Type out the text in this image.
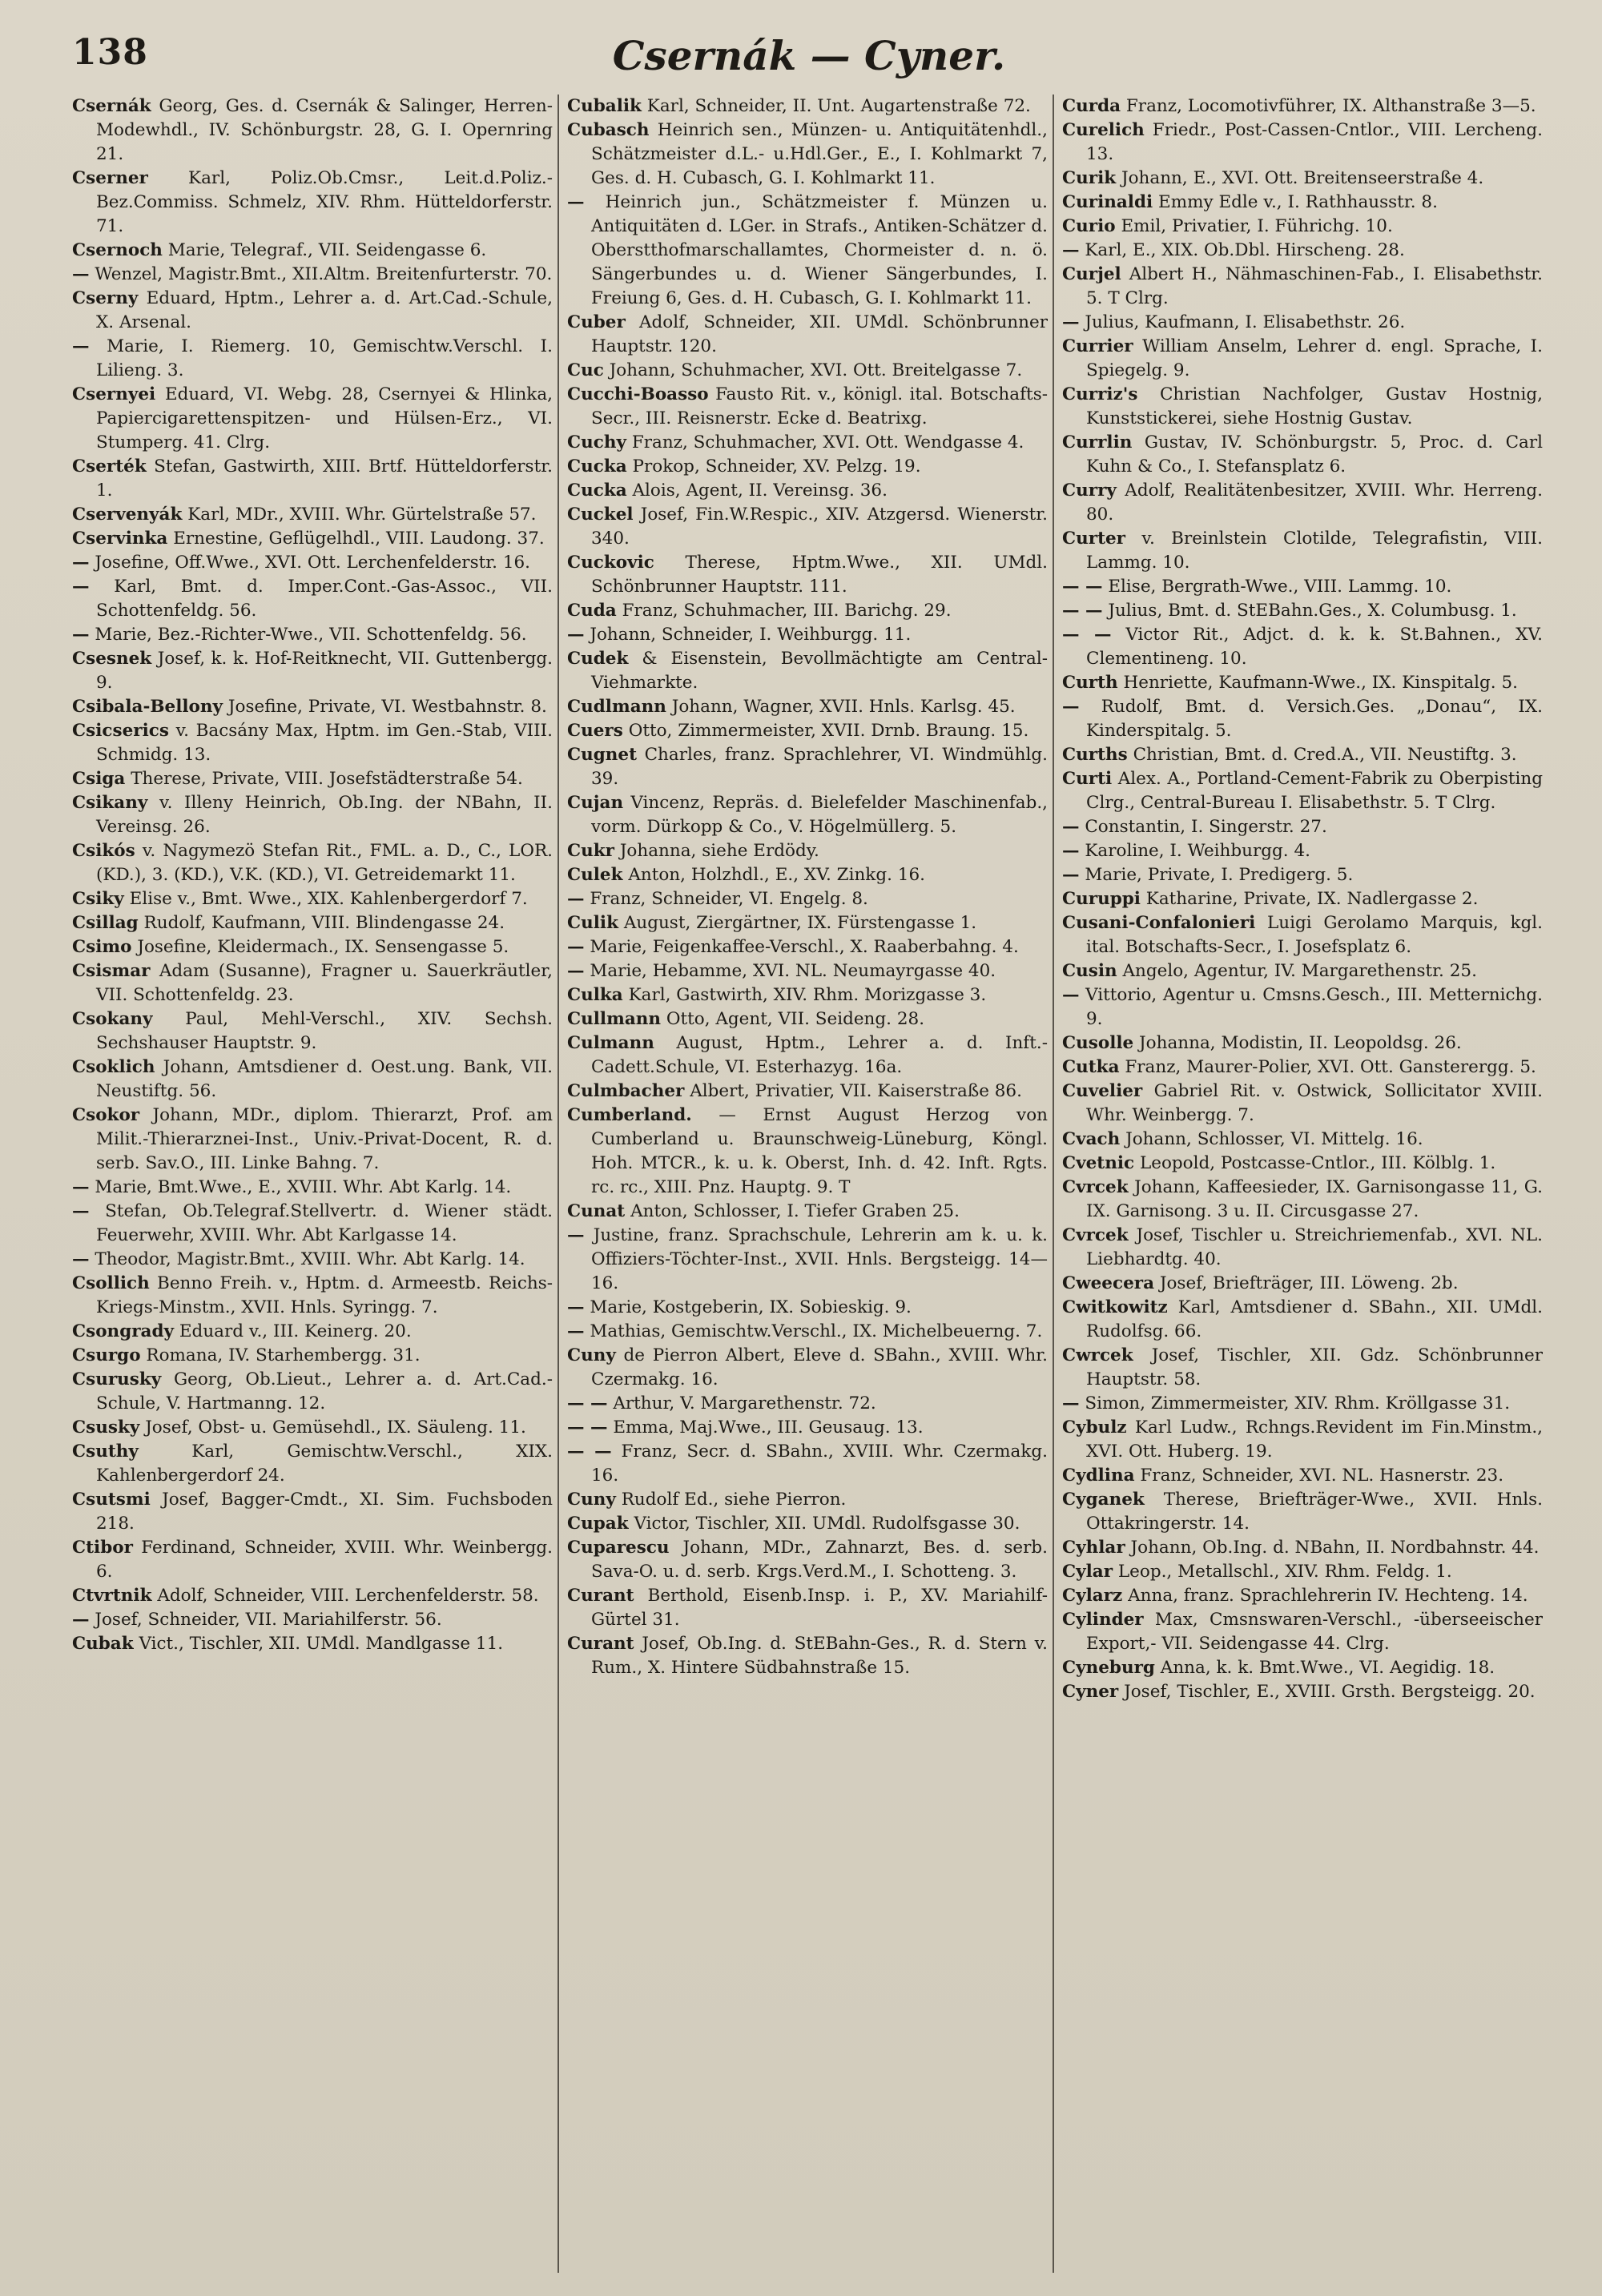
138	Csernák — Cyner.

Csernák Georg, Ges. d. Csernák & Salinger, Herren-Modewhdl., IV. Schönburgstr. 28, G. I. Opernring 21.

Cserner Karl, Poliz.Ob.Cmsr., Leit.d.Poliz.-Bez.Commiss. Schmelz, XIV. Rhm. Hütteldorferstr. 71.

Csernoch Marie, Telegraf., VII. Seidengasse 6.

— Wenzel, Magistr.Bmt., XII.Altm. Breitenfurterstr. 70.

Cserny Eduard, Hptm., Lehrer a. d. Art.Cad.-Schule, X. Arsenal.

— Marie, I. Riemerg. 10, Gemischtw.Verschl. I. Lilieng. 3.

Csernyei Eduard, VI. Webg. 28, Csernyei & Hlinka, Papiercigarettenspitzen- und Hülsen-Erz., VI. Stumperg. 41. Clrg.

Cserték Stefan, Gastwirth, XIII. Brtf. Hütteldorferstr. 1.

Cservenyák Karl, MDr., XVIII. Whr. Gürtelstraße 57.

Cservinka Ernestine, Geflügelhdl., VIII. Laudong. 37.

— Josefine, Off.Wwe., XVI. Ott. Lerchenfelderstr. 16.

— Karl, Bmt. d. Imper.Cont.-Gas-Assoc., VII. Schottenfeldg. 56.

— Marie, Bez.-Richter-Wwe., VII. Schottenfeldg. 56.

Csesnek Josef, k. k. Hof-Reitknecht, VII. Guttenbergg. 9.

Csibala-Bellony Josefine, Private, VI. Westbahnstr. 8.

Csicserics v. Bacsány Max, Hptm. im Gen.-Stab, VIII. Schmidg. 13.

Csiga Therese, Private, VIII. Josefstädterstraße 54.

Csikany v. Illeny Heinrich, Ob.Ing. der NBahn, II. Vereinsg. 26.

Csikós v. Nagymezö Stefan Rit., FML. a. D., C., LOR. (KD.), 3. (KD.), V.K. (KD.), VI. Getreidemarkt 11.

Csiky Elise v., Bmt. Wwe., XIX. Kahlenbergerdorf 7.

Csillag Rudolf, Kaufmann, VIII. Blindengasse 24.

Csimo Josefine, Kleidermach., IX. Sensengasse 5.

Csismar Adam (Susanne), Fragner u. Sauerkräutler, VII. Schottenfeldg. 23.

Csokany Paul, Mehl-Verschl., XIV. Sechsh. Sechshauser Hauptstr. 9.

Csoklich Johann, Amtsdiener d. Oest.ung. Bank, VII. Neustiftg. 56.

Csokor Johann, MDr., diplom. Thierarzt, Prof. am Milit.-Thierarznei-Inst., Univ.-Privat-Docent, R. d. serb. Sav.O., III. Linke Bahng. 7.

— Marie, Bmt.Wwe., E., XVIII. Whr. Abt Karlg. 14.

— Stefan, Ob.Telegraf.Stellvertr. d. Wiener städt. Feuerwehr, XVIII. Whr. Abt Karlgasse 14.

— Theodor, Magistr.Bmt., XVIII. Whr. Abt Karlg. 14.

Csollich Benno Freih. v., Hptm. d. Armeestb. Reichs-Kriegs-Minstm., XVII. Hnls. Syringg. 7.

Csongrady Eduard v., III. Keinerg. 20.

Csurgo Romana, IV. Starhembergg. 31.

Csurusky Georg, Ob.Lieut., Lehrer a. d. Art.Cad.-Schule, V. Hartmanng. 12.

Csusky Josef, Obst- u. Gemüsehdl., IX. Säuleng. 11.

Csuthy	Karl, Gemischtw.Verschl., XIX. Kahlenbergerdorf 24.

Csutsmi Josef, Bagger-Cmdt., XI. Sim. Fuchsboden 218.

Ctibor Ferdinand, Schneider, XVIII. Whr. Weinbergg. 6.

Ctvrtnik Adolf, Schneider, VIII. Lerchenfelderstr. 58.

— Josef, Schneider, VII. Mariahilferstr. 56.

Cubak Vict., Tischler, XII. UMdl. Mandlgasse 11.

Cubalik Karl, Schneider, II. Unt. Augartenstraße 72.

Cubasch Heinrich sen., Münzen- u. Antiquitätenhdl., Schätzmeister d.L.- u.Hdl.Ger., E., I. Kohlmarkt 7, Ges. d. H. Cubasch, G. I. Kohlmarkt 11.

— Heinrich jun., Schätzmeister f. Münzen u. Antiquitäten d. LGer. in Strafs., Antiken-Schätzer d. Oberstthofmarschallamtes, Chormeister d. n. ö. Sängerbundes u. d. Wiener Sängerbundes, I. Freiung 6, Ges. d. H. Cubasch, G. I. Kohlmarkt 11.

Cuber Adolf, Schneider, XII. UMdl. Schönbrunner Hauptstr. 120.

Cuc Johann, Schuhmacher, XVI. Ott. Breitelgasse 7.

Cucchi-Boasso Fausto Rit. v., königl. ital. Botschafts-Secr., III. Reisnerstr. Ecke d. Beatrixg.

Cuchy Franz, Schuhmacher, XVI. Ott. Wendgasse 4.

Cucka Prokop, Schneider, XV. Pelzg. 19.

Cucka Alois, Agent, II. Vereinsg. 36.

Cuckel Josef, Fin.W.Respic., XIV. Atzgersd. Wienerstr. 340.

Cuckovic Therese, Hptm.Wwe., XII. UMdl. Schönbrunner Hauptstr. 111.

Cuda Franz, Schuhmacher, III. Barichg. 29.

— Johann, Schneider, I. Weihburgg. 11.

Cudek & Eisenstein, Bevollmächtigte am Central-Viehmarkte.

Cudlmann Johann, Wagner, XVII. Hnls. Karlsg. 45.

Cuers Otto, Zimmermeister, XVII. Drnb. Braung. 15.

Cugnet Charles, franz. Sprachlehrer, VI. Windmühlg. 39.

Cujan Vincenz, Repräs. d. Bielefelder Maschinenfab., vorm. Dürkopp & Co., V. Högelmüllerg. 5.

Cukr Johanna, siehe Erdödy.

Culek Anton, Holzhdl., E., XV. Zinkg. 16.

— Franz, Schneider, VI. Engelg. 8.

Culik August, Ziergärtner, IX. Fürstengasse 1.

— Marie, Feigenkaffee-Verschl., X. Raaberbahng. 4.

— Marie, Hebamme, XVI. NL. Neumayrgasse 40.

Culka Karl, Gastwirth, XIV. Rhm. Morizgasse 3.

Cullmann Otto, Agent, VII. Seideng. 28.

Culmann August, Hptm., Lehrer a. d. Inft.-Cadett.Schule, VI. Esterhazyg. 16a.

Culmbacher Albert, Privatier, VII. Kaiserstraße 86.

Cumberland. — Ernst August Herzog von Cumberland u. Braunschweig-Lüneburg, Köngl. Hoh. MTCR., k. u. k. Oberst, Inh. d. 42. Inft. Rgts. rc. rc., XIII. Pnz. Hauptg. 9. T

Cunat Anton, Schlosser, I. Tiefer Graben 25.

— Justine, franz. Sprachschule, Lehrerin am k. u. k. Offiziers-Töchter-Inst., XVII. Hnls. Bergsteigg. 14—16.

— Marie, Kostgeberin, IX. Sobieskig. 9.

— Mathias, Gemischtw.Verschl., IX. Michelbeuerng. 7.

Cuny de Pierron Albert, Eleve d. SBahn., XVIII. Whr. Czermakg. 16.

— — Arthur, V. Margarethenstr. 72.

— — Emma, Maj.Wwe., III. Geusaug. 13.

— — Franz, Secr. d. SBahn., XVIII. Whr. Czermakg. 16.

Cuny Rudolf Ed., siehe Pierron.

Cupak Victor, Tischler, XII. UMdl. Rudolfsgasse 30.

Cuparescu Johann, MDr., Zahnarzt, Bes. d. serb. Sava-O. u. d. serb. Krgs.Verd.M., I. Schotteng. 3.

Curant Berthold, Eisenb.Insp. i. P., XV. Mariahilf-Gürtel 31.

Curant Josef, Ob.Ing. d. StEBahn-Ges., R. d. Stern v. Rum., X. Hintere Südbahnstraße 15.

Curda Franz, Locomotivführer, IX. Althanstraße 3—5.

Curelich Friedr., Post-Cassen-Cntlor., VIII. Lercheng. 13.

Curik Johann, E., XVI. Ott. Breitenseerstraße 4.

Curinaldi Emmy Edle v., I. Rathhausstr. 8.

Curio Emil, Privatier, I. Führichg. 10.

— Karl, E., XIX. Ob.Dbl. Hirscheng. 28.

Curjel Albert H., Nähmaschinen-Fab., I. Elisabethstr. 5. T Clrg.

— Julius, Kaufmann, I. Elisabethstr. 26.

Currier William Anselm, Lehrer d. engl. Sprache, I. Spiegelg. 9.

Curriz's Christian Nachfolger, Gustav Hostnig, Kunststickerei, siehe Hostnig Gustav.

Currlin Gustav, IV. Schönburgstr. 5, Proc. d. Carl Kuhn & Co., I. Stefansplatz 6.

Curry Adolf, Realitätenbesitzer, XVIII. Whr. Herreng. 80.

Curter v. Breinlstein Clotilde, Telegrafistin, VIII. Lammg. 10.

— — Elise, Bergrath-Wwe., VIII. Lammg. 10.

— — Julius, Bmt. d. StEBahn.Ges., X. Columbusg. 1.

— — Victor Rit., Adjct. d. k. k. St.Bahnen., XV. Clementineng. 10.

Curth Henriette, Kaufmann-Wwe., IX. Kinspitalg. 5.

— Rudolf, Bmt. d. Versich.Ges. „Donau“, IX. Kinderspitalg. 5.

Curths Christian, Bmt. d. Cred.A., VII. Neustiftg. 3.

Curti Alex. A., Portland-Cement-Fabrik zu Oberpisting Clrg., Central-Bureau I. Elisabethstr. 5. T Clrg.

— Constantin, I. Singerstr. 27.

— Karoline, I. Weihburgg. 4.

— Marie, Private, I. Predigerg. 5.

Curuppi Katharine, Private, IX. Nadlergasse 2.

Cusani-Confalonieri Luigi Gerolamo Marquis, kgl. ital. Botschafts-Secr., I. Josefsplatz 6.

Cusin Angelo, Agentur, IV. Margarethenstr. 25.

— Vittorio, Agentur u. Cmsns.Gesch., III. Metternichg. 9.

Cusolle Johanna, Modistin, II. Leopoldsg. 26.

Cutka Franz, Maurer-Polier, XVI. Ott. Gansterergg. 5.

Cuvelier Gabriel Rit. v. Ostwick, Sollicitator XVIII. Whr. Weinbergg. 7.

Cvach Johann, Schlosser, VI. Mittelg. 16.

Cvetnic Leopold, Postcasse-Cntlor., III. Kölblg. 1.

Cvrcek Johann, Kaffeesieder, IX. Garnisongasse 11, G. IX. Garnisong. 3 u. II. Circusgasse 27.

Cvrcek Josef, Tischler u. Streichriemenfab., XVI. NL. Liebhardtg. 40.

Cweecera Josef, Briefträger, III. Löweng. 2b.

Cwitkowitz Karl, Amtsdiener d. SBahn., XII. UMdl. Rudolfsg. 66.

Cwrcek Josef, Tischler, XII. Gdz. Schönbrunner Hauptstr. 58.

— Simon, Zimmermeister, XIV. Rhm. Kröllgasse 31.

Cybulz Karl Ludw., Rchngs.Revident im Fin.Minstm., XVI. Ott. Huberg. 19.

Cydlina Franz, Schneider, XVI. NL. Hasnerstr. 23.

Cyganek Therese, Briefträger-Wwe., XVII. Hnls. Ottakringerstr. 14.

Cyhlar Johann, Ob.Ing. d. NBahn, II. Nordbahnstr. 44.

Cylar Leop., Metallschl., XIV. Rhm. Feldg. 1.

Cylarz Anna, franz. Sprachlehrerin IV. Hechteng. 14.

Cylinder Max, Cmsnswaren-Verschl., -überseeischer Export,- VII. Seidengasse 44. Clrg.

Cyneburg Anna, k. k. Bmt.Wwe., VI. Aegidig. 18.

Cyner Josef, Tischler, E., XVIII. Grsth. Bergsteigg. 20.
